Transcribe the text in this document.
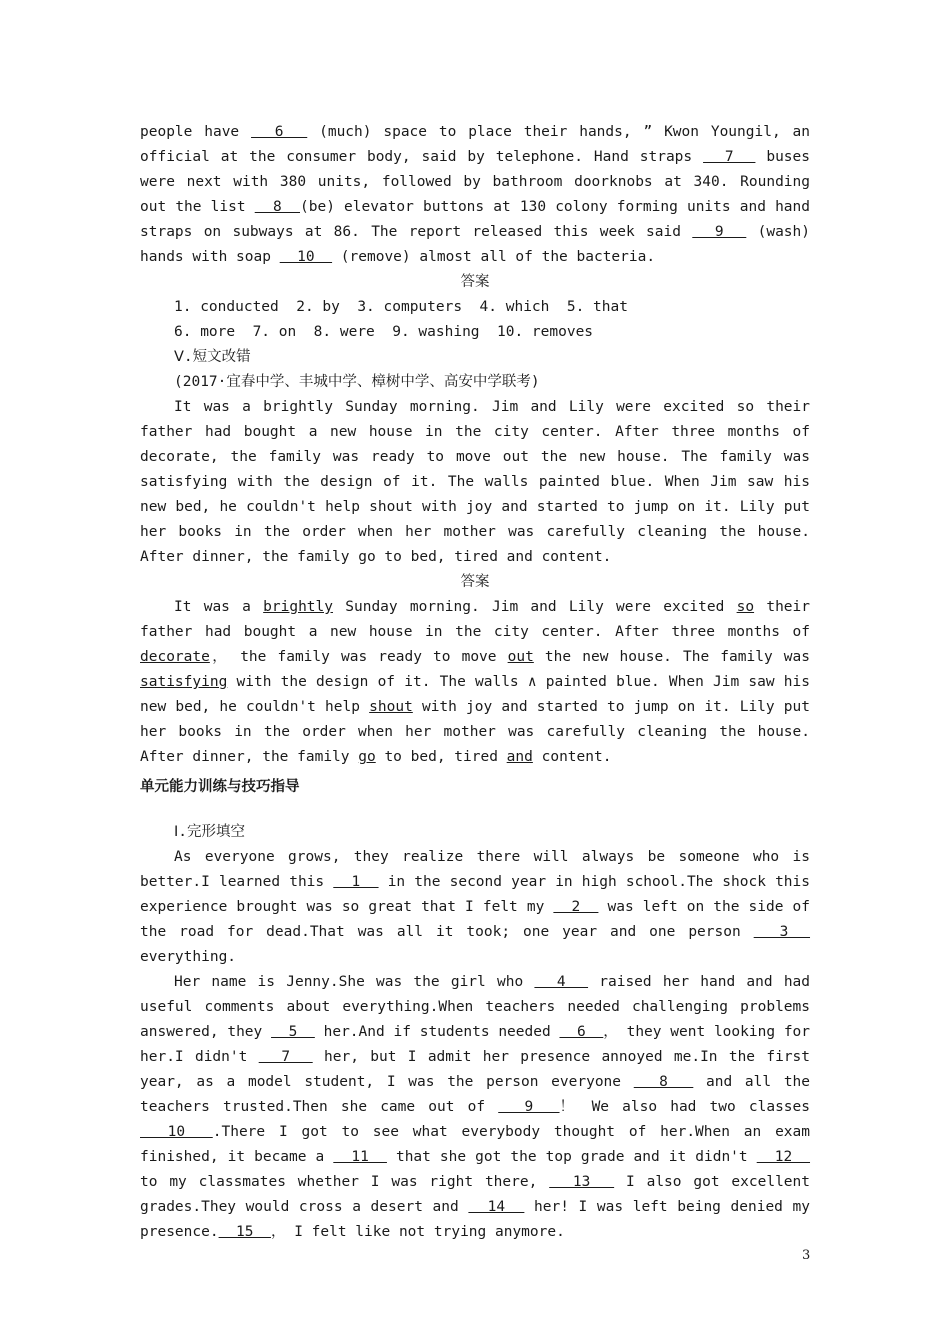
people have   6   (much) space to place their hands, ” Kwon Youngil, an official at the consumer body, said by telephone. Hand straps   7   buses were next with 380 units, followed by bathroom doorknobs at 340. Rounding out the list   8  (be) elevator buttons at 130 colony forming units and hand straps on subways at 86. The report released this week said   9   (wash) hands with soap   10   (remove) almost all of the bacteria.

答案

1. conducted  2. by  3. computers  4. which  5. that

6. more  7. on  8. were  9. washing  10. removes

Ⅴ.短文改错

(2017·宜春中学、丰城中学、樟树中学、高安中学联考)

It was a brightly Sunday morning. Jim and Lily were excited so their father had bought a new house in the city center. After three months of decorate, the family was ready to move out the new house. The family was satisfying with the design of it. The walls painted blue. When Jim saw his new bed, he couldn't help shout with joy and started to jump on it. Lily put her books in the order when her mother was carefully cleaning the house. After dinner, the family go to bed, tired and content.

答案

It was a brightly Sunday morning. Jim and Lily were excited so their father had bought a new house in the city center. After three months of decorate， the family was ready to move out the new house. The family was satisfying with the design of it. The walls ∧ painted blue. When Jim saw his new bed, he couldn't help shout with joy and started to jump on it. Lily put her books in the order when her mother was carefully cleaning the house. After dinner, the family go to bed, tired and content.

单元能力训练与技巧指导

Ⅰ.完形填空

As everyone grows, they realize there will always be someone who is better.I learned this   1   in the second year in high school.The shock this experience brought was so great that I felt my   2   was left on the side of the road for dead.That was all it took; one year and one person   3   everything.

Her name is Jenny.She was the girl who   4   raised her hand and had useful comments about everything.When teachers needed challenging problems answered, they   5   her.And if students needed   6  ， they went looking for her.I didn't   7   her, but I admit her presence annoyed me.In the first year, as a model student, I was the person everyone   8   and all the teachers trusted.Then she came out of   9  ！ We also had two classes   10  .There I got to see what everybody thought of her.When an exam finished, it became a   11   that she got the top grade and it didn't   12   to my classmates whether I was right there,   13   I also got excellent grades.They would cross a desert and   14   her! I was left being denied my presence.  15  ， I felt like not trying anymore.

3
